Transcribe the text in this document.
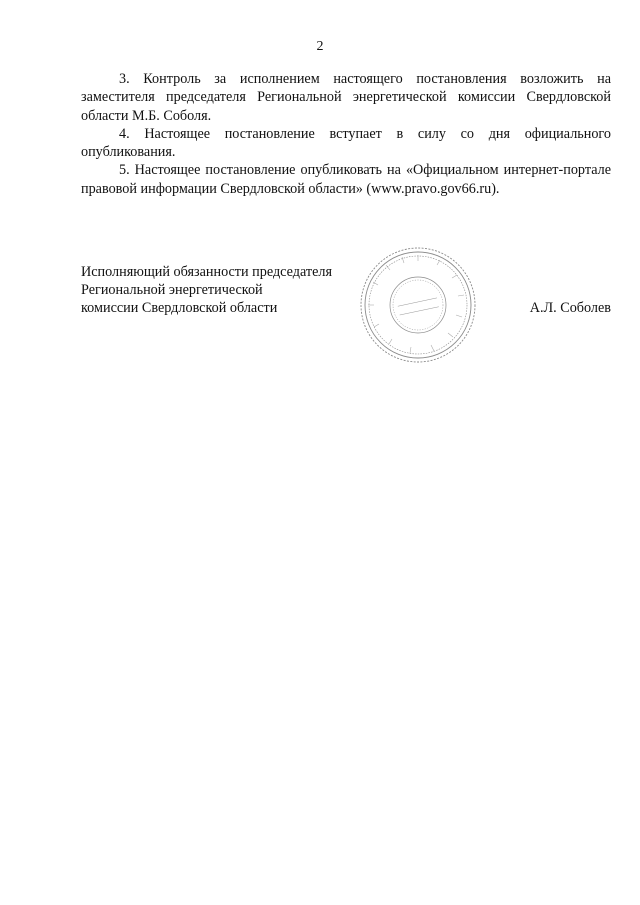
2

3. Контроль за исполнением настоящего постановления возложить на заместителя председателя Региональной энергетической комиссии Свердловской области М.Б. Соболя.

4. Настоящее постановление вступает в силу со дня официального опубликования.

5. Настоящее постановление опубликовать на «Официальном интернет-портале правовой информации Свердловской области» (www.pravo.gov66.ru).

Исполняющий обязанности председателя
Региональной энергетической
комиссии Свердловской области	А.Л. Соболев
